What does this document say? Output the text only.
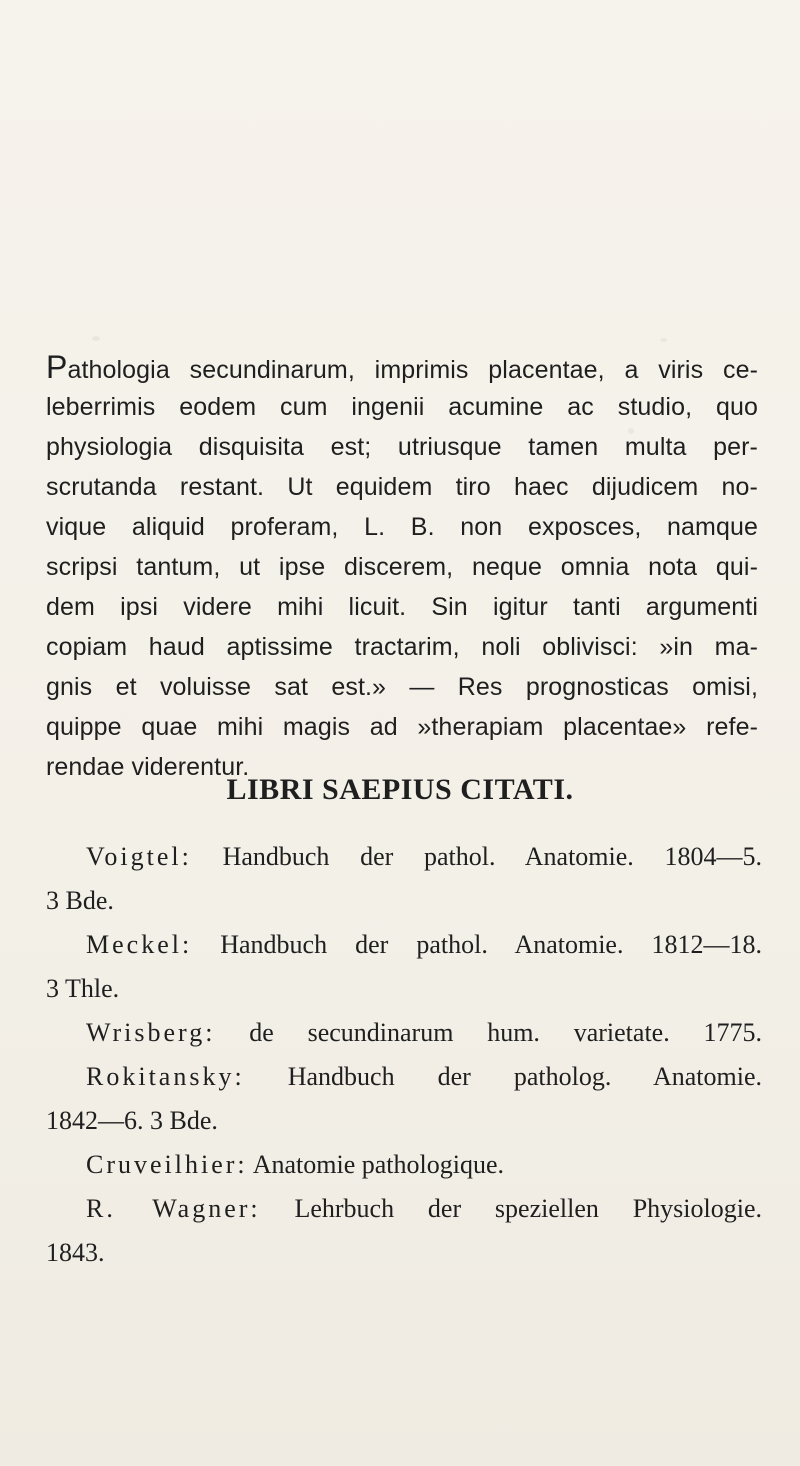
Pathologia secundinarum, imprimis placentae, a viris ce-
leberrimis eodem cum ingenii acumine ac studio, quo
physiologia disquisita est; utriusque tamen multa per-
scrutanda restant. Ut equidem tiro haec dijudicem no-
vique aliquid proferam, L. B. non exposces, namque
scripsi tantum, ut ipse discerem, neque omnia nota qui-
dem ipsi videre mihi licuit. Sin igitur tanti argumenti
copiam haud aptissime tractarim, noli oblivisci: »in ma-
gnis et voluisse sat est.» — Res prognosticas omisi,
quippe quae mihi magis ad »therapiam placentae» refe-
rendae viderentur.
LIBRI SAEPIUS CITATI.
Voigtel: Handbuch der pathol. Anatomie. 1804—5.
3 Bde.
Meckel: Handbuch der pathol. Anatomie. 1812—18.
3 Thle.
Wrisberg: de secundinarum hum. varietate. 1775.
Rokitansky: Handbuch der patholog. Anatomie.
1842—6. 3 Bde.
Cruveilhier: Anatomie pathologique.
R. Wagner: Lehrbuch der speziellen Physiologie.
1843.
